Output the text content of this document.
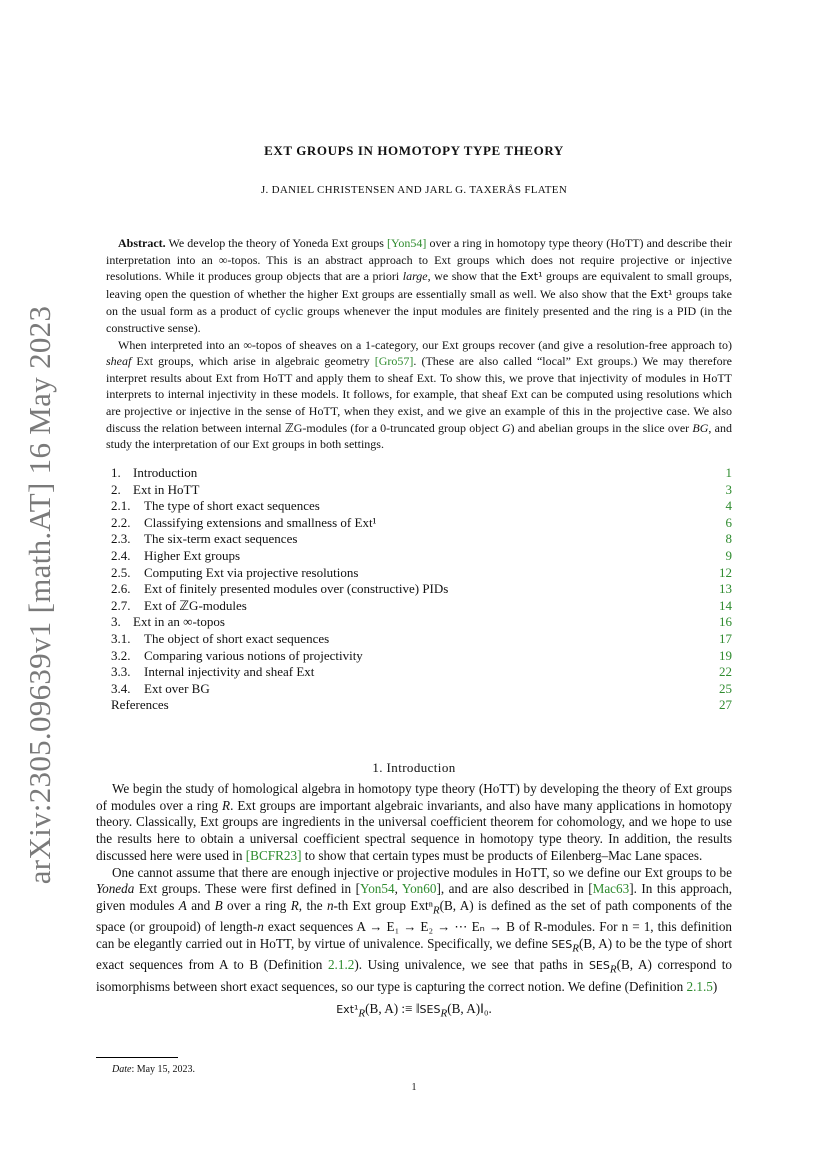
arXiv:2305.09639v1 [math.AT] 16 May 2023
EXT GROUPS IN HOMOTOPY TYPE THEORY
J. DANIEL CHRISTENSEN AND JARL G. TAXERÅS FLATEN

Abstract. We develop the theory of Yoneda Ext groups [Yon54] over a ring in homotopy type theory (HoTT) and describe their interpretation into an ∞-topos. This is an abstract approach to Ext groups which does not require projective or injective resolutions. While it produces group objects that are a priori large, we show that the Ext¹ groups are equivalent to small groups, leaving open the question of whether the higher Ext groups are essentially small as well. We also show that the Ext¹ groups take on the usual form as a product of cyclic groups whenever the input modules are finitely presented and the ring is a PID (in the constructive sense).

When interpreted into an ∞-topos of sheaves on a 1-category, our Ext groups recover (and give a resolution-free approach to) sheaf Ext groups, which arise in algebraic geometry [Gro57]. (These are also called “local” Ext groups.) We may therefore interpret results about Ext from HoTT and apply them to sheaf Ext. To show this, we prove that injectivity of modules in HoTT interprets to internal injectivity in these models. It follows, for example, that sheaf Ext can be computed using resolutions which are projective or injective in the sense of HoTT, when they exist, and we give an example of this in the projective case. We also discuss the relation between internal ℤG-modules (for a 0-truncated group object G) and abelian groups in the slice over BG, and study the interpretation of our Ext groups in both settings.

1. Introduction	1
2. Ext in HoTT	3
2.1.	The type of short exact sequences	4
2.2.	Classifying extensions and smallness of Ext¹	6
2.3.	The six-term exact sequences	8
2.4.	Higher Ext groups	9
2.5.	Computing Ext via projective resolutions	12
2.6.	Ext of finitely presented modules over (constructive) PIDs	13
2.7.	Ext of ℤG-modules	14
3. Ext in an ∞-topos	16
3.1.	The object of short exact sequences	17
3.2.	Comparing various notions of projectivity	19
3.3.	Internal injectivity and sheaf Ext	22
3.4.	Ext over BG	25
References	27
1. Introduction

We begin the study of homological algebra in homotopy type theory (HoTT) by developing the theory of Ext groups of modules over a ring R. Ext groups are important algebraic invariants, and also have many applications in homotopy theory. Classically, Ext groups are ingredients in the universal coefficient theorem for cohomology, and we hope to use the results here to obtain a universal coefficient spectral sequence in homotopy type theory. In addition, the results discussed here were used in [BCFR23] to show that certain types must be products of Eilenberg–Mac Lane spaces.

One cannot assume that there are enough injective or projective modules in HoTT, so we define our Ext groups to be Yoneda Ext groups. These were first defined in [Yon54, Yon60], and are also described in [Mac63]. In this approach, given modules A and B over a ring R, the n-th Ext group Extⁿ$_R$(B, A) is defined as the set of path components of the space (or groupoid) of length-n exact sequences A → E₁ → E₂ → ⋯ Eₙ → B of R-modules. For n = 1, this definition can be elegantly carried out in HoTT, by virtue of univalence. Specifically, we define $SES_R(B$, A) to be the type of short exact sequences from A to B (Definition 2.1.2). Using univalence, we see that paths in $SES_R(B$, A) correspond to isomorphisms between short exact sequences, so our type is capturing the correct notion. We define (Definition 2.1.5)

$Ext^1_R(B$, A) :≡ $‖SES_R(B$, A)‖₀.
Date: May 15, 2023.
1
